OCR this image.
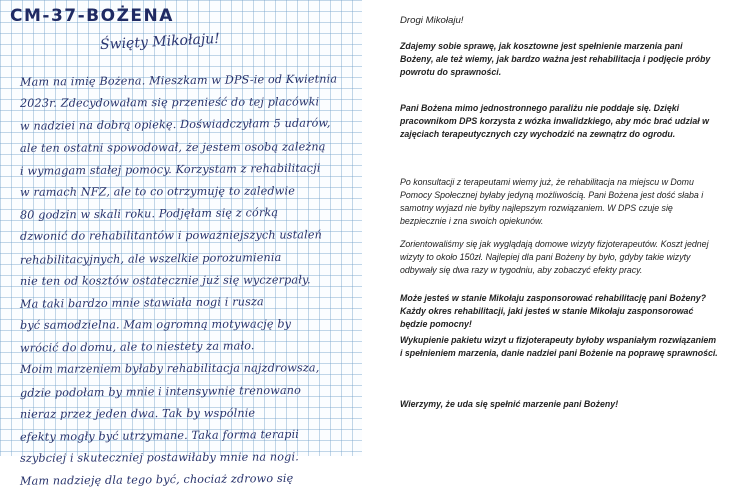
CM-37-BOŻENA
Święty Mikołaju!
Mam na imię Bożena. Mieszkam w DPS-ie od Kwietnia
2023r. Zdecydowałam się przenieść do tej placówki
w nadziei na dobrą opiekę. Doświadczyłam 5 udarów,
ale ten ostatni spowodował, że jestem osobą zależną
i wymagam stałej pomocy. Korzystam z rehabilitacji
w ramach NFZ, ale to co otrzymuję to zaledwie
80 godzin w skali roku. Podjęłam się z córką
dzwonić do rehabilitantów i poważniejszych ustaleń
rehabilitacyjnych, ale wszelkie porozumienia
nie ten od kosztów ostatecznie już się wyczerpały.
Ma taki bardzo mnie stawiała nogi i rusza
być samodzielna. Mam ogromną motywację by
wrócić do domu, ale to niestety za mało.
Moim marzeniem byłaby rehabilitacja najzdrowsza,
gdzie podołam by mnie i intensywnie trenowano
nieraz przez jeden dwa. Tak by wspólnie
efekty mogły być utrzymane. Taka forma terapii
szybciej i skuteczniej postawiłaby mnie na nogi.
Mam nadzieję dla tego być, chociaż zdrowo się
Drogi Mikołaju!

Zdajemy sobie sprawę, jak kosztowne jest spełnienie marzenia pani Bożeny, ale też wiemy, jak bardzo ważna jest rehabilitacja i podjęcie próby powrotu do sprawności.

Pani Bożena mimo jednostronnego paraliżu nie poddaje się. Dzięki pracownikom DPS korzysta z wózka inwalidzkiego, aby móc brać udział w zajęciach terapeutycznych czy wychodzić na zewnątrz do ogrodu.

Po konsultacji z terapeutami wiemy już, że rehabilitacja na miejscu w Domu Pomocy Społecznej byłaby jedyną możliwością. Pani Bożena jest dość słaba i samotny wyjazd nie byłby najlepszym rozwiązaniem. W DPS czuje się bezpiecznie i zna swoich opiekunów.

Zorientowaliśmy się jak wyglądają domowe wizyty fizjoterapeutów. Koszt jednej wizyty to około 150zł. Najlepiej dla pani Bożeny by było, gdyby takie wizyty odbywały się dwa razy w tygodniu, aby zobaczyć efekty pracy.

Może jesteś w stanie Mikołaju zasponsorować rehabilitację pani Bożeny? Każdy okres rehabilitacji, jaki jesteś w stanie Mikołaju zasponsorować będzie pomocny!

Wykupienie pakietu wizyt u fizjoterapeuty byłoby wspaniałym rozwiązaniem i spełnieniem marzenia, danie nadziei pani Bożenie na poprawę sprawności.

Wierzymy, że uda się spełnić marzenie pani Bożeny!
